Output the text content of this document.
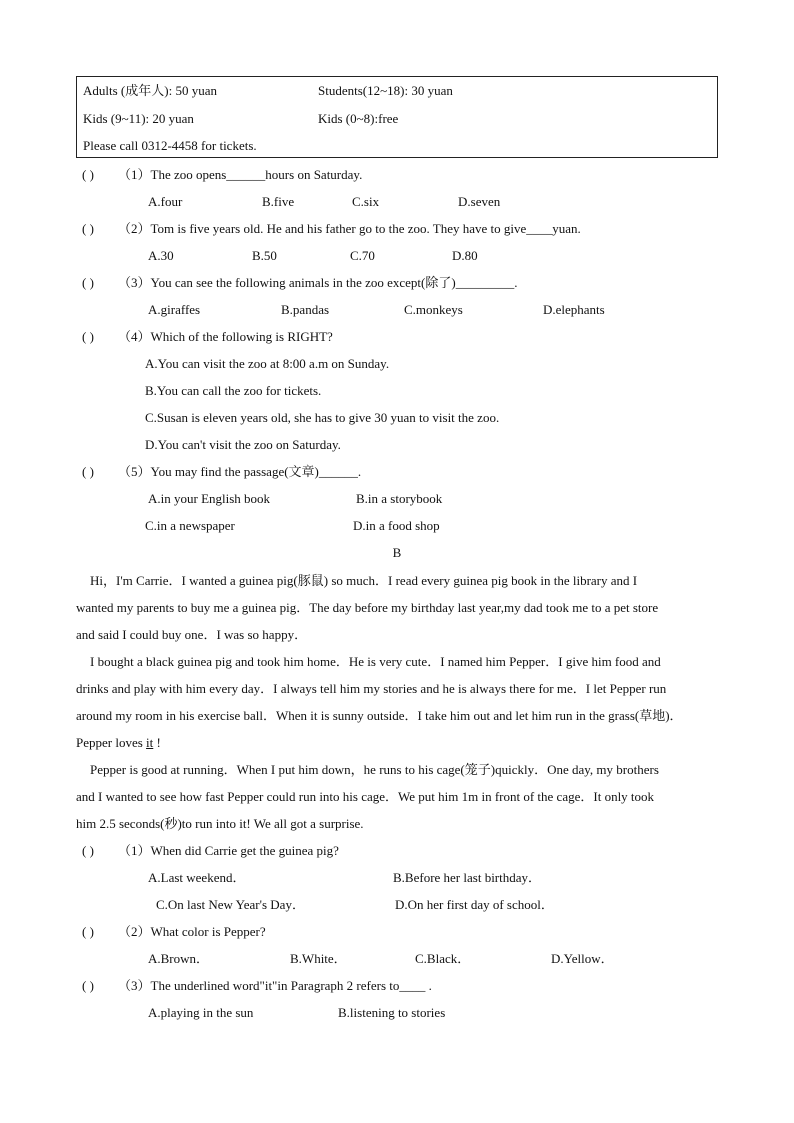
Adults (成年人): 50 yuan	Students(12~18): 30 yuan
Kids (9~11): 20 yuan	Kids (0~8):free
Please call 0312-4458 for tickets.
( ) （1）The zoo opens______hours on Saturday.
A.four	B.five	C.six	D.seven
( ) （2）Tom is five years old. He and his father go to the zoo. They have to give____yuan.
A.30	B.50	C.70	D.80
( ) （3）You can see the following animals in the zoo except(除了)_________.
A.giraffes	B.pandas	C.monkeys	D.elephants
( ) （4）Which of the following is RIGHT?
A.You can visit the zoo at 8:00 a.m on Sunday.
B.You can call the zoo for tickets.
C.Susan is eleven years old, she has to give 30 yuan to visit the zoo.
D.You can't visit the zoo on Saturday.
( ) （5）You may find the passage(文章)______.
A.in your English book	B.in a storybook
C.in a newspaper	D.in a food shop
B
Hi，I'm Carrie．I wanted a guinea pig(豚鼠) so much．I read every guinea pig book in the library and I
wanted my parents to buy me a guinea pig．The day before my birthday last year,my dad took me to a pet store
and said I could buy one．I was so happy．
I bought a black guinea pig and took him home．He is very cute．I named him Pepper．I give him food and
drinks and play with him every day．I always tell him my stories and he is always there for me．I let Pepper run
around my room in his exercise ball．When it is sunny outside．I take him out and let him run in the grass(草地)．
Pepper loves it !
Pepper is good at running．When I put him down，he runs to his cage(笼子)quickly．One day, my brothers
and I wanted to see how fast Pepper could run into his cage．We put him 1m in front of the cage．It only took
him 2.5 seconds(秒)to run into it! We all got a surprise.
( ) （1）When did Carrie get the guinea pig?
A.Last weekend．	B.Before her last birthday．
C.On last New Year's Day．	D.On her first day of school．
( ) （2）What color is Pepper?
A.Brown．	B.White．	C.Black．	D.Yellow．
( ) （3）The underlined word"it"in Paragraph 2 refers to____ .
A.playing in the sun	B.listening to stories
